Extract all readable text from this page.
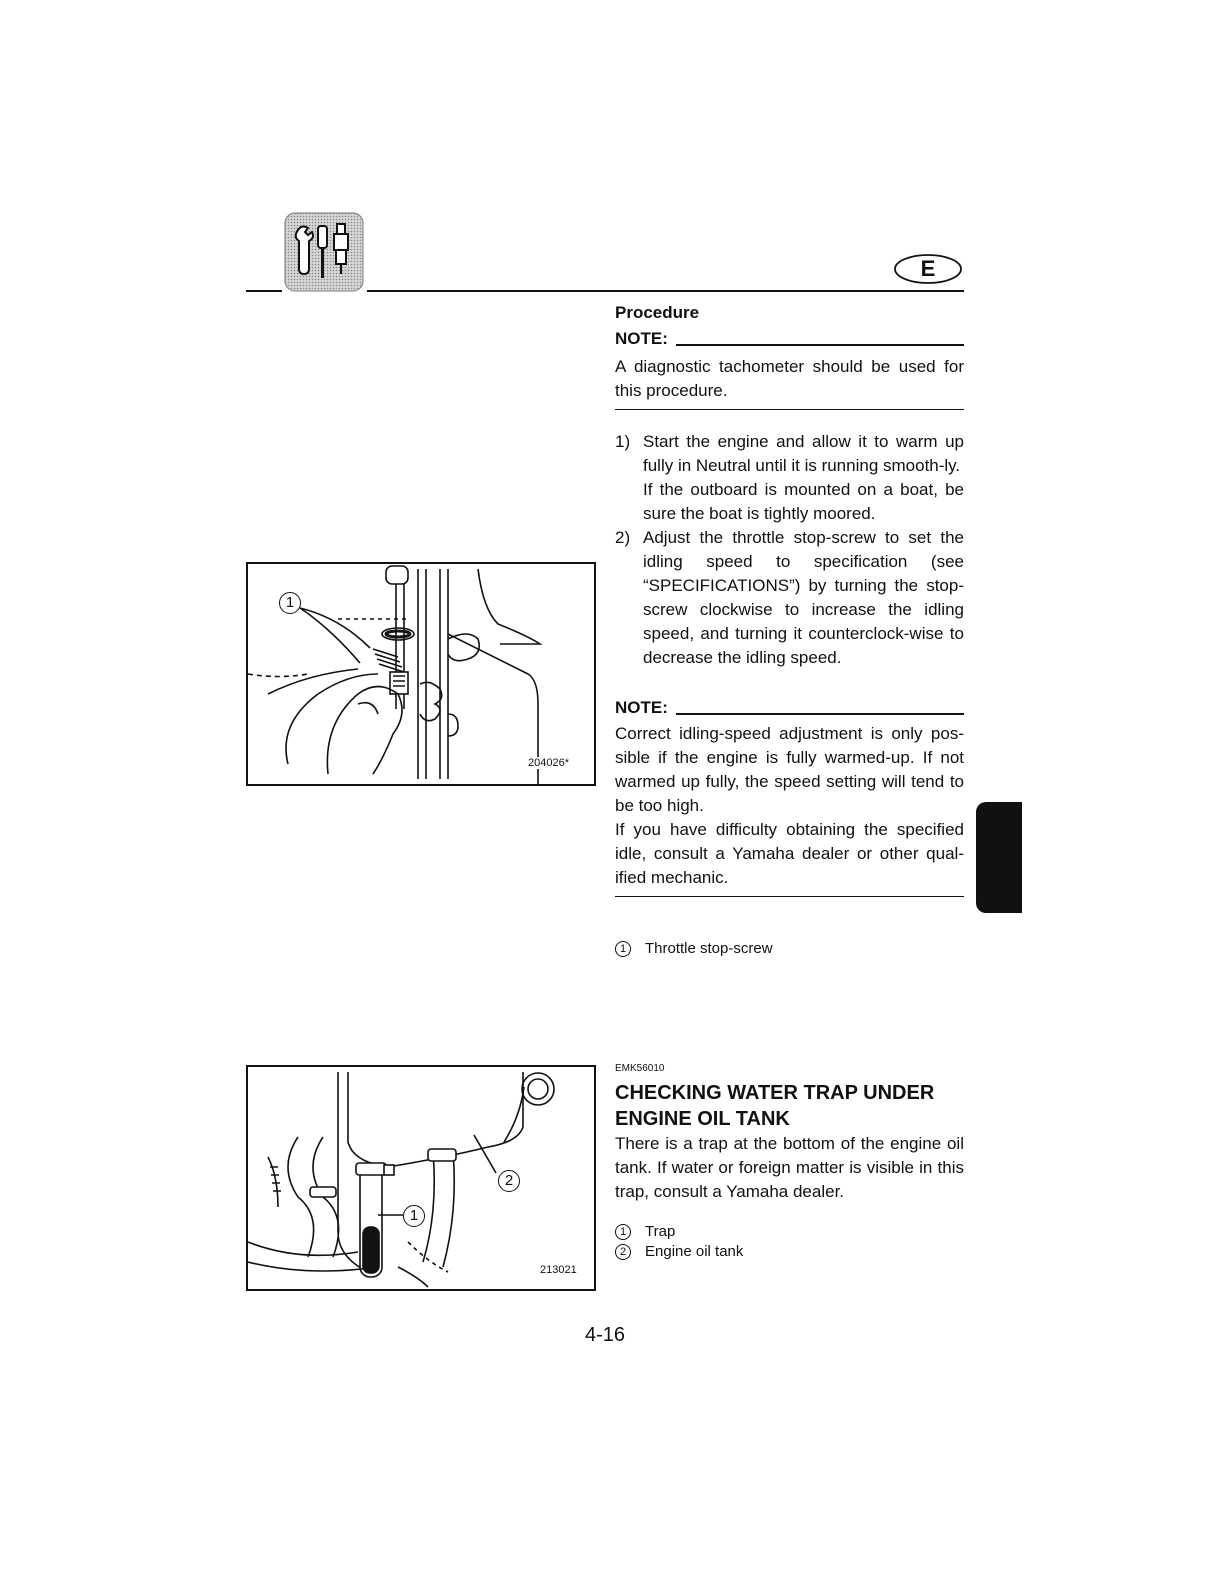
E
Procedure
NOTE:

A diagnostic tachometer should be used for this procedure.

1) Start the engine and allow it to warm up fully in Neutral until it is running smooth-ly.
If the outboard is mounted on a boat, be sure the boat is tightly moored.
2) Adjust the throttle stop-screw to set the idling speed to specification (see “SPECIFICATIONS”) by turning the stop-screw clockwise to increase the idling speed, and turning it counterclock-wise to decrease the idling speed.
NOTE:

Correct idling-speed adjustment is only pos-sible if the engine is fully warmed-up. If not warmed up fully, the speed setting will tend to be too high.

If you have difficulty obtaining the specified idle, consult a Yamaha dealer or other qual-ified mechanic.

1	Throttle stop-screw
1
204026*
EMK56010
CHECKING WATER TRAP UNDER
ENGINE OIL TANK

There is a trap at the bottom of the engine oil tank. If water or foreign matter is visible in this trap, consult a Yamaha dealer.

1	Trap
2	Engine oil tank
1
2
213021
4-16
